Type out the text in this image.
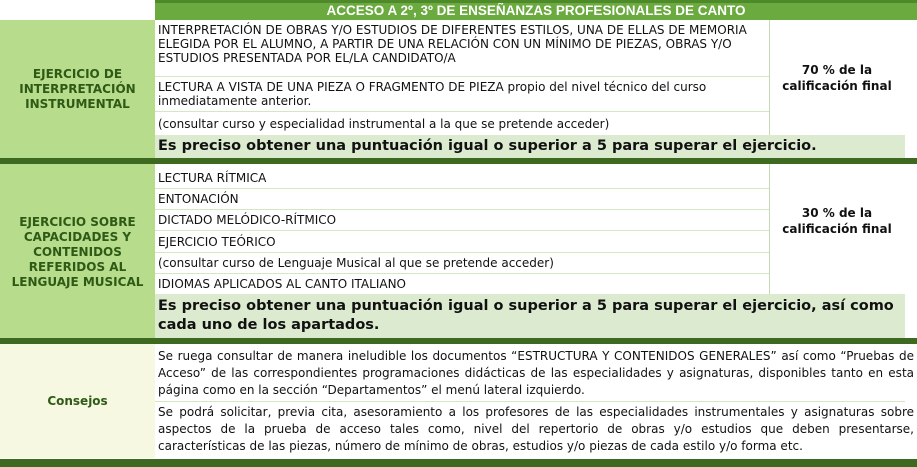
ACCESO A 2º, 3º DE ENSEÑANZAS PROFESIONALES DE CANTO
EJERCICIO DE INTERPRETACIÓN INSTRUMENTAL
INTERPRETACIÓN DE OBRAS Y/O ESTUDIOS DE DIFERENTES ESTILOS, UNA DE ELLAS DE MEMORIA ELEGIDA POR EL ALUMNO, A PARTIR DE UNA RELACIÓN CON UN MÍNIMO DE PIEZAS, OBRAS Y/O ESTUDIOS PRESENTADA POR EL/LA CANDIDATO/A
LECTURA A VISTA DE UNA PIEZA O FRAGMENTO DE PIEZA propio del nivel técnico del curso inmediatamente anterior.
(consultar curso y especialidad instrumental a la que se pretende acceder)
70 % de la calificación final
Es preciso obtener una puntuación igual o superior a 5 para superar el ejercicio.
EJERCICIO SOBRE CAPACIDADES Y CONTENIDOS REFERIDOS AL LENGUAJE MUSICAL
LECTURA RÍTMICA
ENTONACIÓN
DICTADO MELÓDICO-RÍTMICO
EJERCICIO TEÓRICO
(consultar curso de Lenguaje Musical al que se pretende acceder)
IDIOMAS APLICADOS AL CANTO ITALIANO
30 % de la calificación final
Es preciso obtener una puntuación igual o superior a 5 para superar el ejercicio, así como cada uno de los apartados.
Consejos
Se ruega consultar de manera ineludible los documentos “ESTRUCTURA Y CONTENIDOS GENERALES” así como “Pruebas de Acceso” de las correspondientes programaciones didácticas de las especialidades y asignaturas, disponibles tanto en esta página como en la sección “Departamentos” el menú lateral izquierdo.
Se podrá solicitar, previa cita, asesoramiento a los profesores de las especialidades instrumentales y asignaturas sobre aspectos de la prueba de acceso tales como, nivel del repertorio de obras y/o estudios que deben presentarse, características de las piezas, número de mínimo de obras, estudios y/o piezas de cada estilo y/o forma etc.
